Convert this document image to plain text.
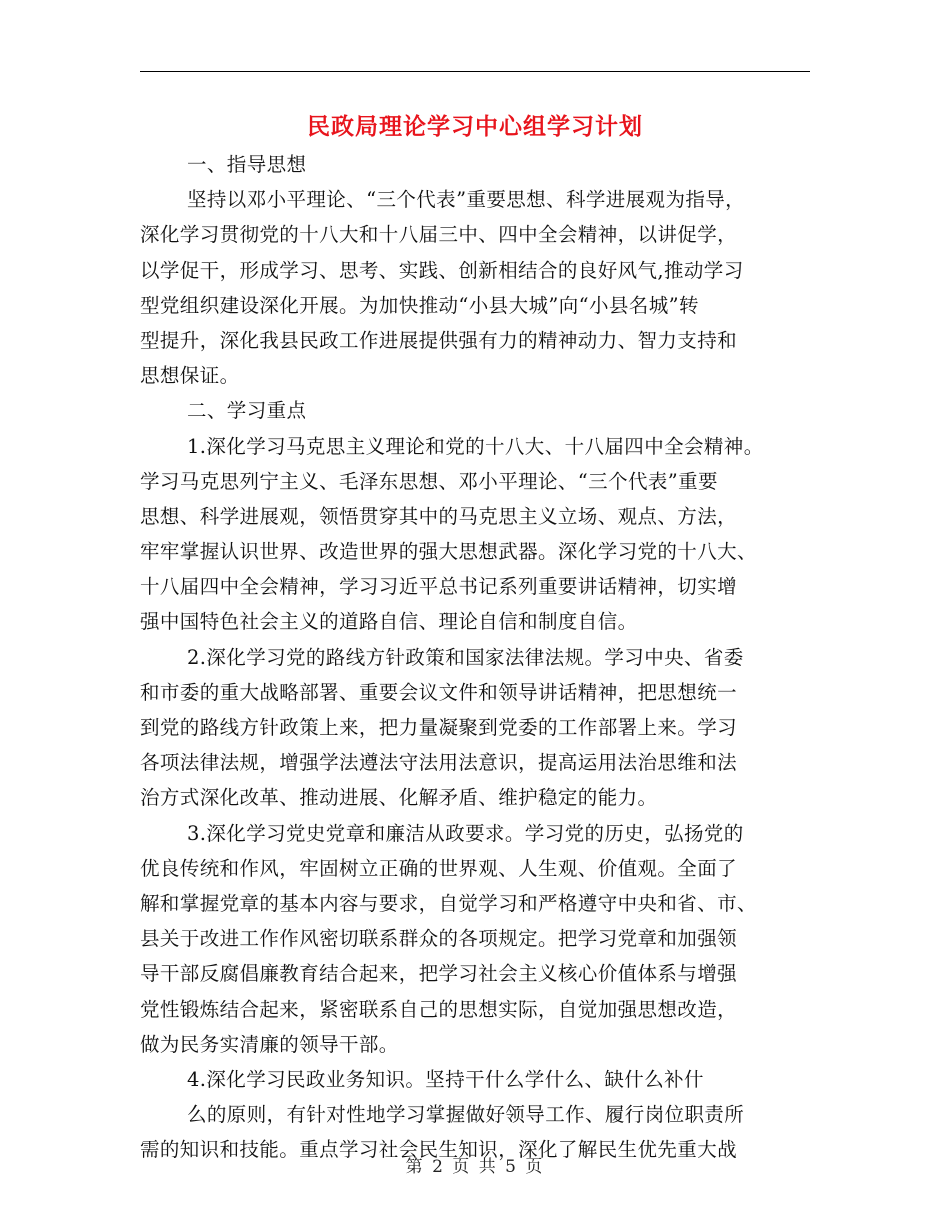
民政局理论学习中心组学习计划
一、指导思想
坚持以邓小平理论、“三个代表”重要思想、科学进展观为指导，
深化学习贯彻党的十八大和十八届三中、四中全会精神，以讲促学，
以学促干，形成学习、思考、实践、创新相结合的良好风气,推动学习
型党组织建设深化开展。为加快推动“小县大城”向“小县名城”转
型提升，深化我县民政工作进展提供强有力的精神动力、智力支持和
思想保证。
二、学习重点
1.深化学习马克思主义理论和党的十八大、十八届四中全会精神。
学习马克思列宁主义、毛泽东思想、邓小平理论、“三个代表”重要
思想、科学进展观，领悟贯穿其中的马克思主义立场、观点、方法，
牢牢掌握认识世界、改造世界的强大思想武器。深化学习党的十八大、
十八届四中全会精神，学习习近平总书记系列重要讲话精神，切实增
强中国特色社会主义的道路自信、理论自信和制度自信。
2.深化学习党的路线方针政策和国家法律法规。学习中央、省委
和市委的重大战略部署、重要会议文件和领导讲话精神，把思想统一
到党的路线方针政策上来，把力量凝聚到党委的工作部署上来。学习
各项法律法规，增强学法遵法守法用法意识，提高运用法治思维和法
治方式深化改革、推动进展、化解矛盾、维护稳定的能力。
3.深化学习党史党章和廉洁从政要求。学习党的历史，弘扬党的
优良传统和作风，牢固树立正确的世界观、人生观、价值观。全面了
解和掌握党章的基本内容与要求，自觉学习和严格遵守中央和省、市、
县关于改进工作作风密切联系群众的各项规定。把学习党章和加强领
导干部反腐倡廉教育结合起来，把学习社会主义核心价值体系与增强
党性锻炼结合起来，紧密联系自己的思想实际，自觉加强思想改造，
做为民务实清廉的领导干部。
4.深化学习民政业务知识。坚持干什么学什么、缺什么补什
么的原则，有针对性地学习掌握做好领导工作、履行岗位职责所
需的知识和技能。重点学习社会民生知识，深化了解民生优先重大战
第 2 页 共 5 页
